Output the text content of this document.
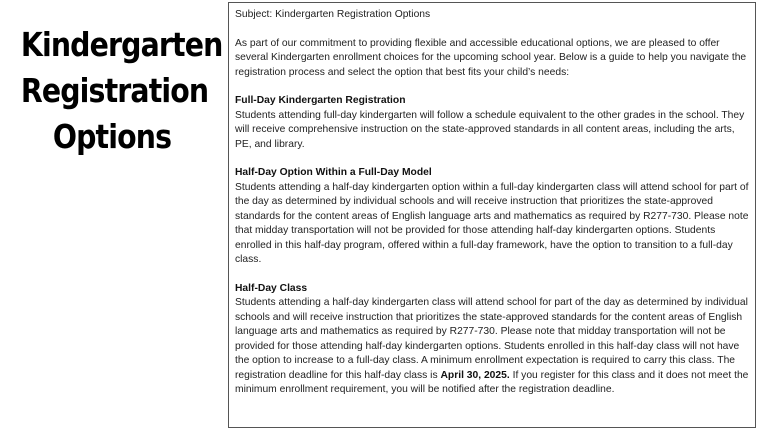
Kindergarten
Registration
Options

Subject: Kindergarten Registration Options

As part of our commitment to providing flexible and accessible educational options, we are pleased to offer several Kindergarten enrollment choices for the upcoming school year. Below is a guide to help you navigate the registration process and select the option that best fits your child’s needs:

Full-Day Kindergarten Registration

Students attending full-day kindergarten will follow a schedule equivalent to the other grades in the school. They will receive comprehensive instruction on the state-approved standards in all content areas, including the arts, PE, and library.

Half-Day Option Within a Full-Day Model

Students attending a half-day kindergarten option within a full-day kindergarten class will attend school for part of the day as determined by individual schools and will receive instruction that prioritizes the state-approved standards for the content areas of English language arts and mathematics as required by R277-730. Please note that midday transportation will not be provided for those attending half-day kindergarten options. Students enrolled in this half-day program, offered within a full-day framework, have the option to transition to a full-day class.

Half-Day Class

Students attending a half-day kindergarten class will attend school for part of the day as determined by individual schools and will receive instruction that prioritizes the state-approved standards for the content areas of English language arts and mathematics as required by R277-730. Please note that midday transportation will not be provided for those attending half-day kindergarten options. Students enrolled in this half-day class will not have the option to increase to a full-day class. A minimum enrollment expectation is required to carry this class. The registration deadline for this half-day class is April 30, 2025. If you register for this class and it does not meet the minimum enrollment requirement, you will be notified after the registration deadline.
